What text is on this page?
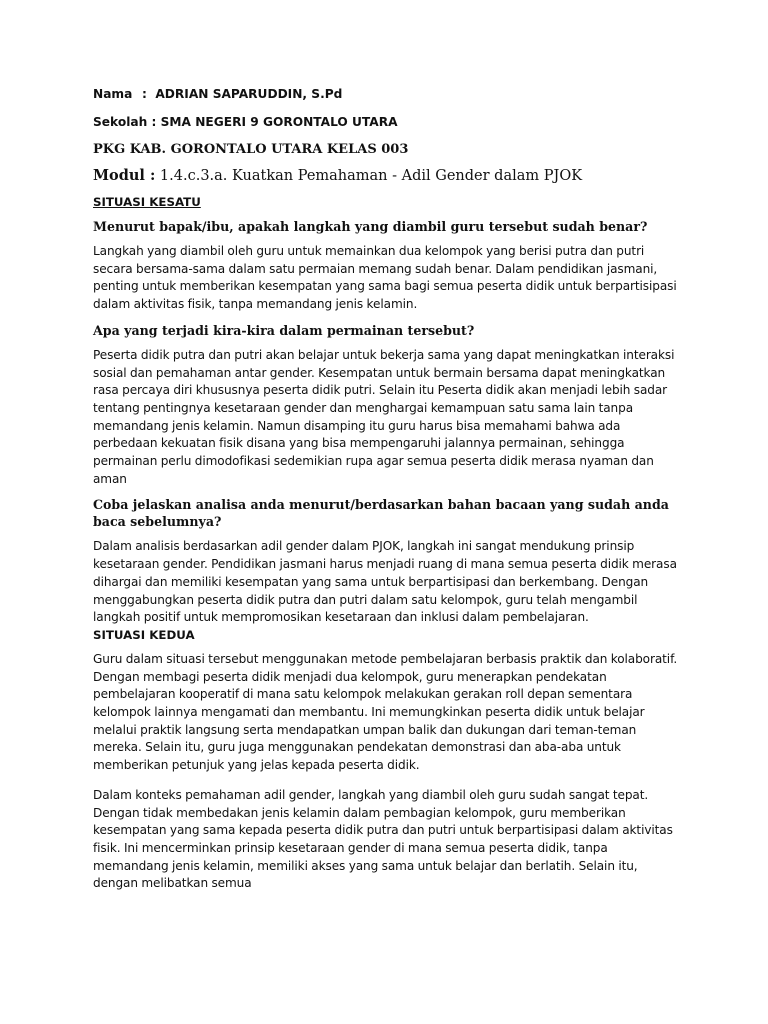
Nama : ADRIAN SAPARUDDIN, S.Pd

Sekolah : SMA NEGERI 9 GORONTALO UTARA

PKG KAB. GORONTALO UTARA KELAS 003

Modul : 1.4.c.3.a. Kuatkan Pemahaman - Adil Gender dalam PJOK

SITUASI KESATU

Menurut bapak/ibu, apakah langkah yang diambil guru tersebut sudah benar?

Langkah yang diambil oleh guru untuk memainkan dua kelompok yang berisi putra dan putri secara bersama-sama dalam satu permaian memang sudah benar. Dalam pendidikan jasmani, penting untuk memberikan kesempatan yang sama bagi semua peserta didik untuk berpartisipasi dalam aktivitas fisik, tanpa memandang jenis kelamin.

Apa yang terjadi kira-kira dalam permainan tersebut?

Peserta didik putra dan putri akan belajar untuk bekerja sama yang dapat meningkatkan interaksi sosial dan pemahaman antar gender. Kesempatan untuk bermain bersama dapat meningkatkan rasa percaya diri khususnya peserta didik putri. Selain itu Peserta didik akan menjadi lebih sadar tentang pentingnya kesetaraan gender dan menghargai kemampuan satu sama lain tanpa memandang jenis kelamin. Namun disamping itu guru harus bisa memahami bahwa ada perbedaan kekuatan fisik disana yang bisa mempengaruhi jalannya permainan, sehingga permainan perlu dimodofikasi sedemikian rupa agar semua peserta didik merasa nyaman dan aman

Coba jelaskan analisa anda menurut/berdasarkan bahan bacaan yang sudah anda baca sebelumnya?

Dalam analisis berdasarkan adil gender dalam PJOK, langkah ini sangat mendukung prinsip kesetaraan gender. Pendidikan jasmani harus menjadi ruang di mana semua peserta didik merasa dihargai dan memiliki kesempatan yang sama untuk berpartisipasi dan berkembang. Dengan menggabungkan peserta didik putra dan putri dalam satu kelompok, guru telah mengambil langkah positif untuk mempromosikan kesetaraan dan inklusi dalam pembelajaran.

SITUASI KEDUA

Guru dalam situasi tersebut menggunakan metode pembelajaran berbasis praktik dan kolaboratif. Dengan membagi peserta didik menjadi dua kelompok, guru menerapkan pendekatan pembelajaran kooperatif di mana satu kelompok melakukan gerakan roll depan sementara kelompok lainnya mengamati dan membantu. Ini memungkinkan peserta didik untuk belajar melalui praktik langsung serta mendapatkan umpan balik dan dukungan dari teman-teman mereka. Selain itu, guru juga menggunakan pendekatan demonstrasi dan aba-aba untuk memberikan petunjuk yang jelas kepada peserta didik.

Dalam konteks pemahaman adil gender, langkah yang diambil oleh guru sudah sangat tepat. Dengan tidak membedakan jenis kelamin dalam pembagian kelompok, guru memberikan kesempatan yang sama kepada peserta didik putra dan putri untuk berpartisipasi dalam aktivitas fisik. Ini mencerminkan prinsip kesetaraan gender di mana semua peserta didik, tanpa memandang jenis kelamin, memiliki akses yang sama untuk belajar dan berlatih. Selain itu, dengan melibatkan semua
